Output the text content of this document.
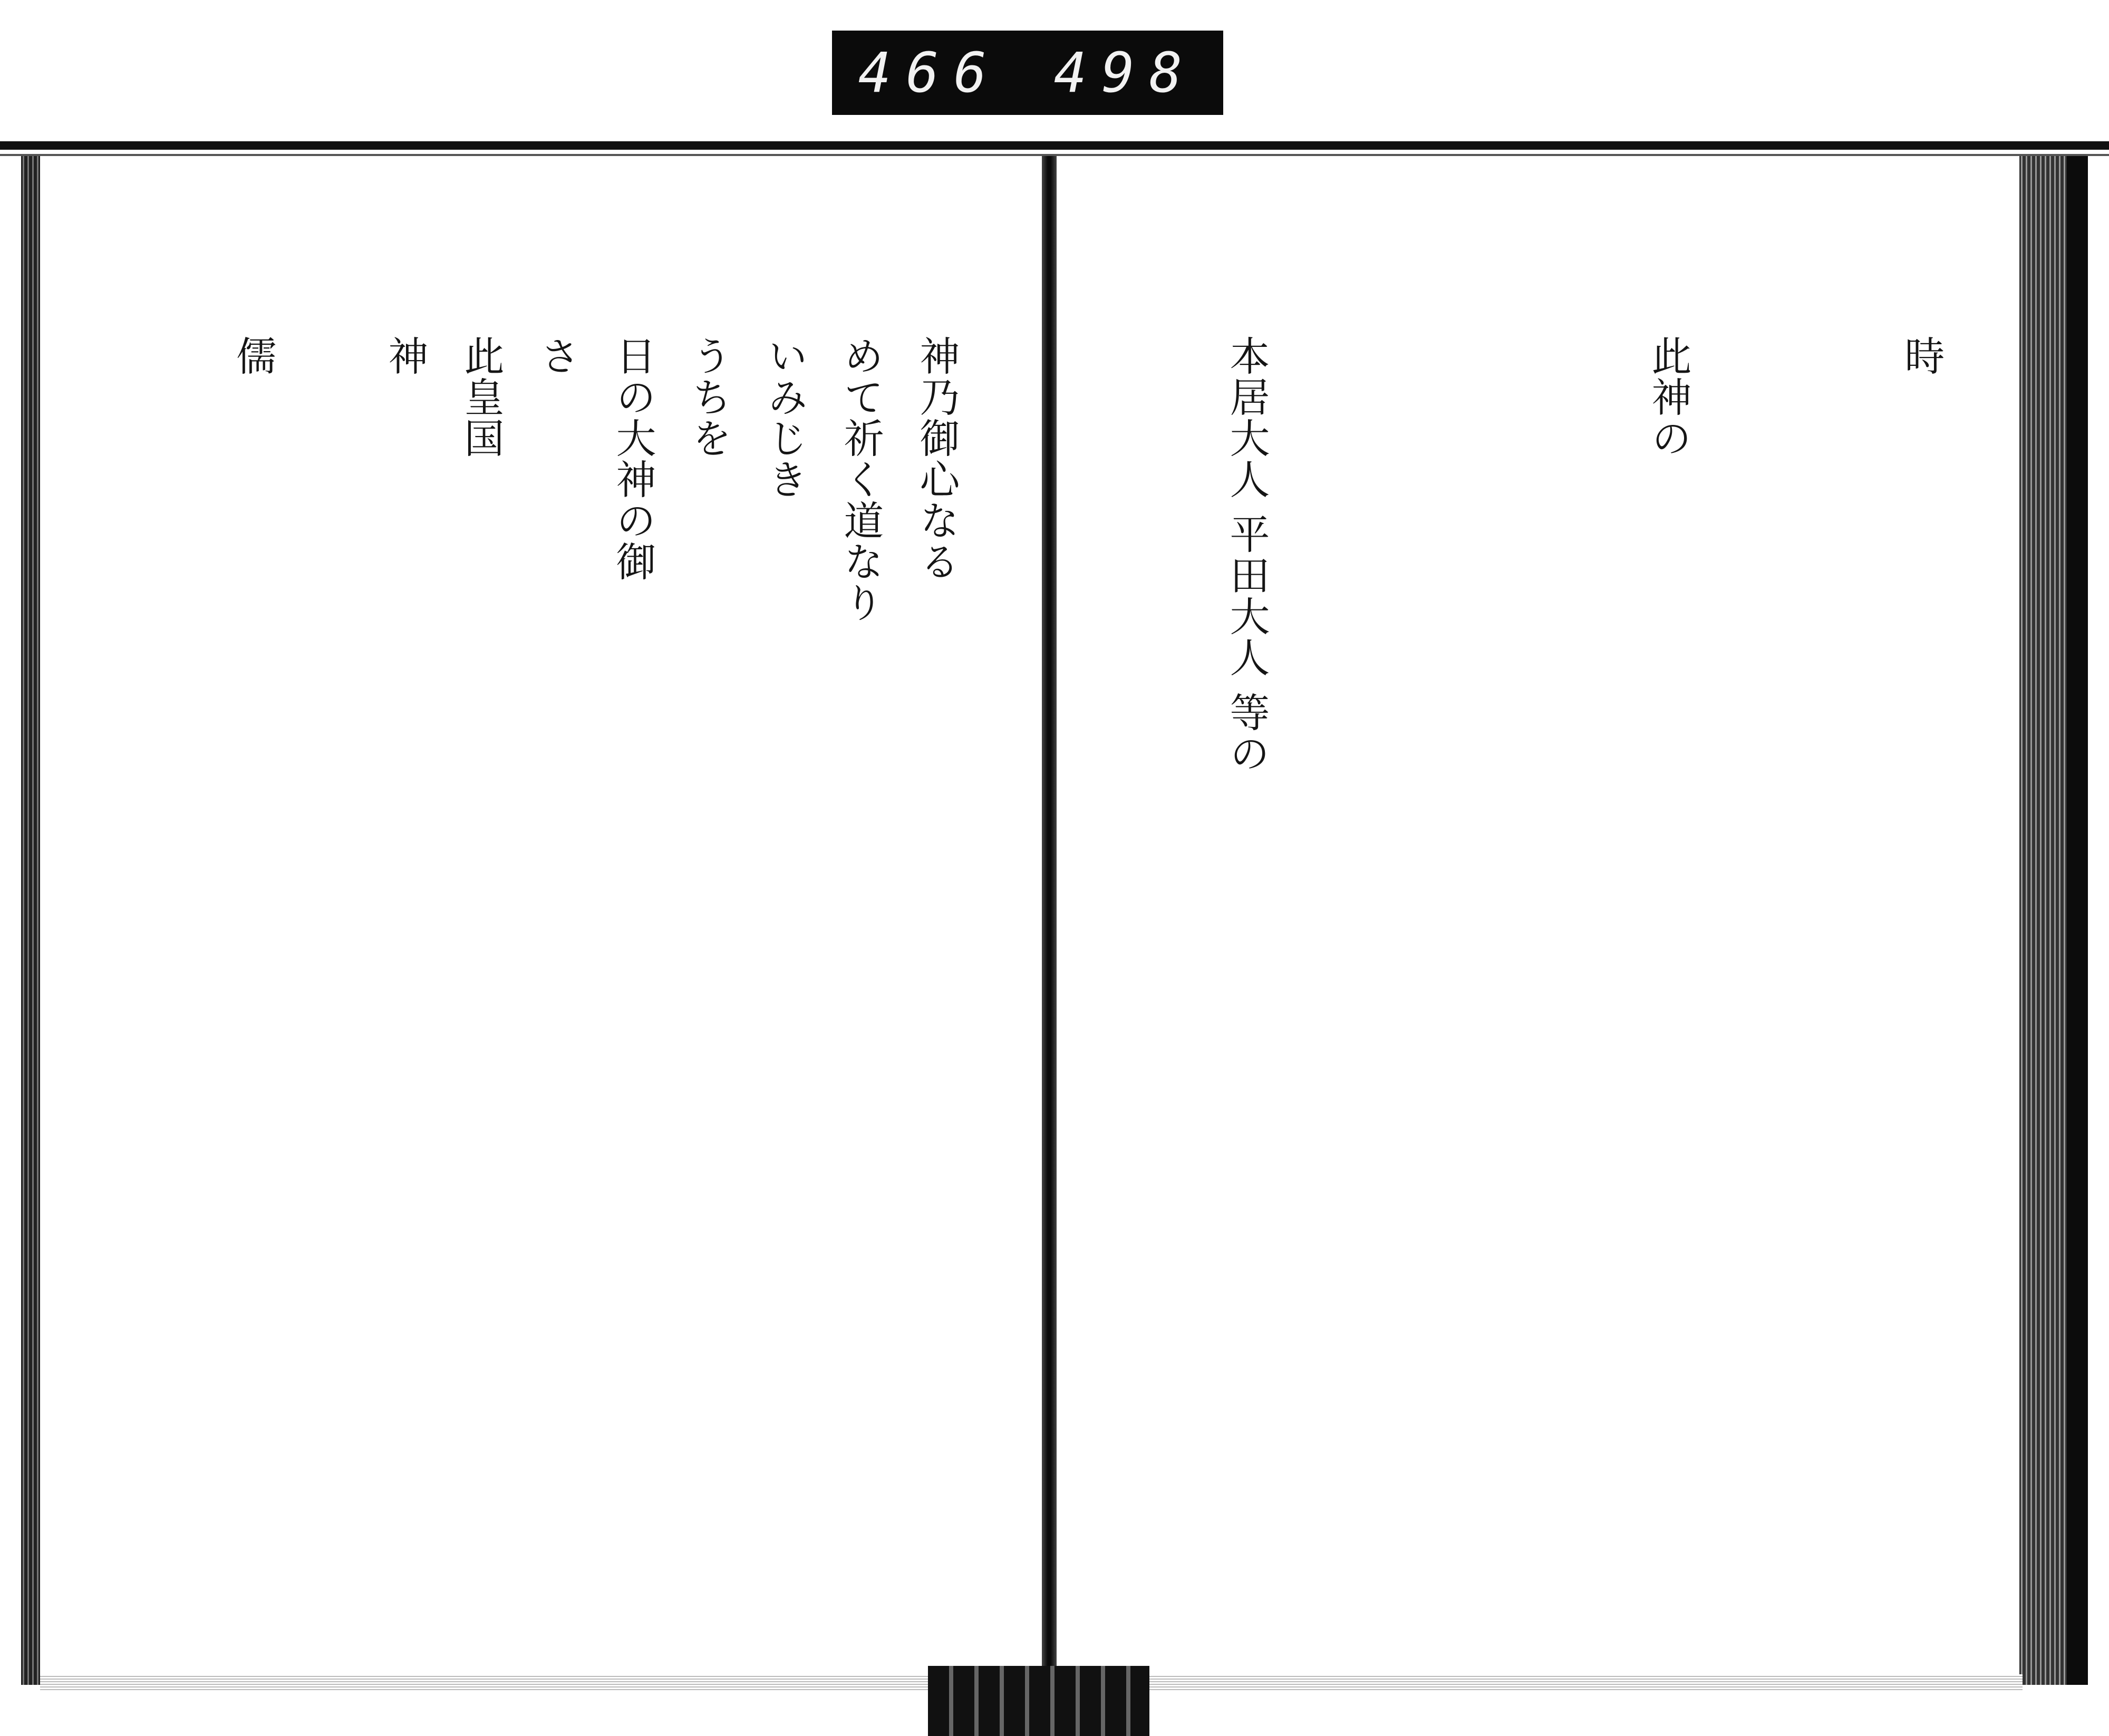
466 498
神乃御心なる
めて祈く道なり
いみじき
うちを
日の大神の御
さ
此皇国
神
儒	時
此神の
本居大人 平田大人 等の
